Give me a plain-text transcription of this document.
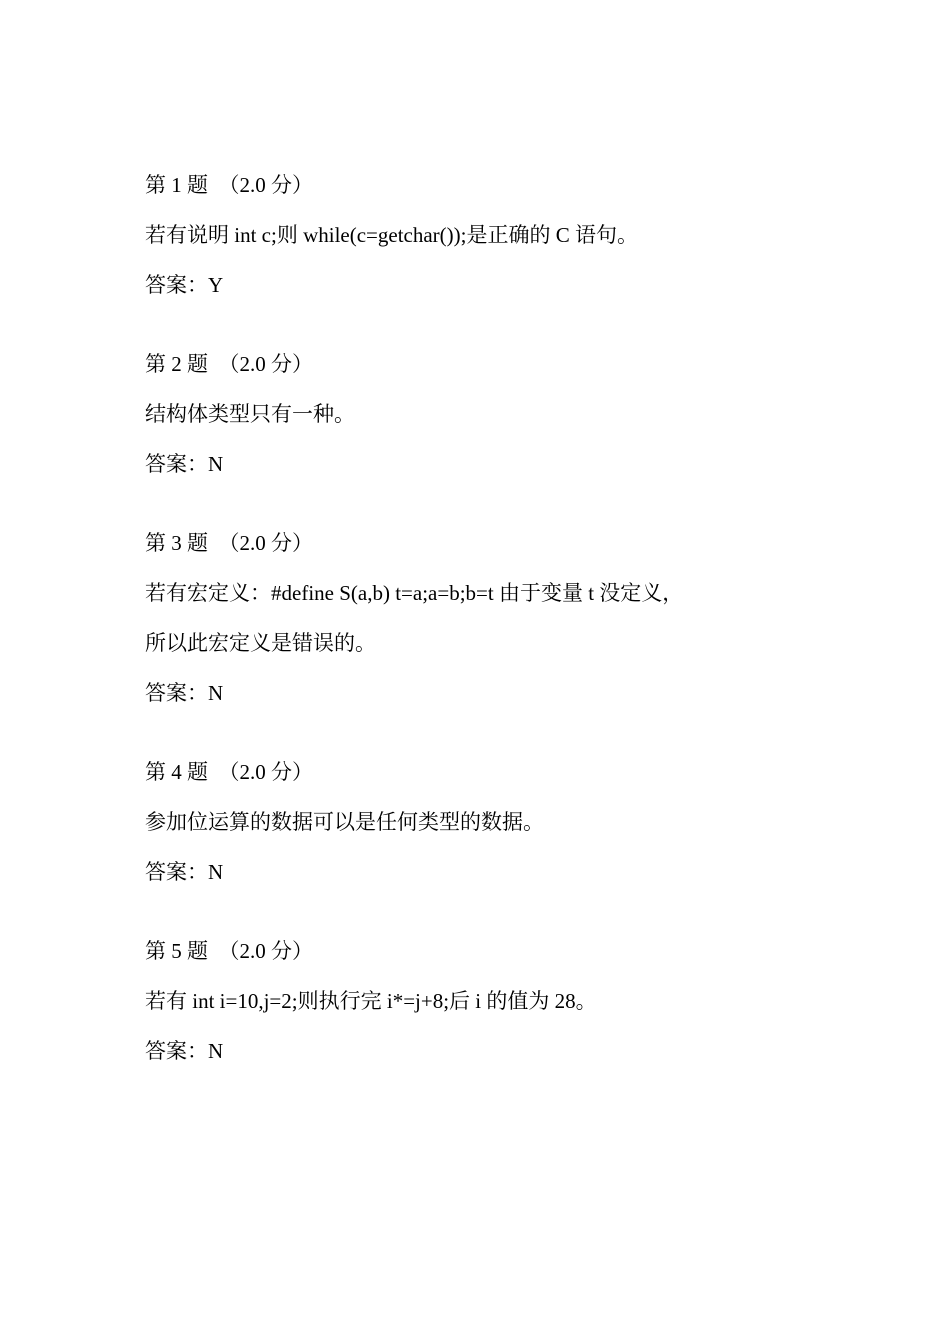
第 1 题  （2.0 分）
若有说明 int c;则 while(c=getchar());是正确的 C 语句。
答案：Y
第 2 题  （2.0 分）
结构体类型只有一种。
答案：N
第 3 题  （2.0 分）
若有宏定义：#define S(a,b) t=a;a=b;b=t 由于变量 t 没定义，
所以此宏定义是错误的。
答案：N
第 4 题  （2.0 分）
参加位运算的数据可以是任何类型的数据。
答案：N
第 5 题  （2.0 分）
若有 int i=10,j=2;则执行完 i*=j+8;后 i 的值为 28。
答案：N
